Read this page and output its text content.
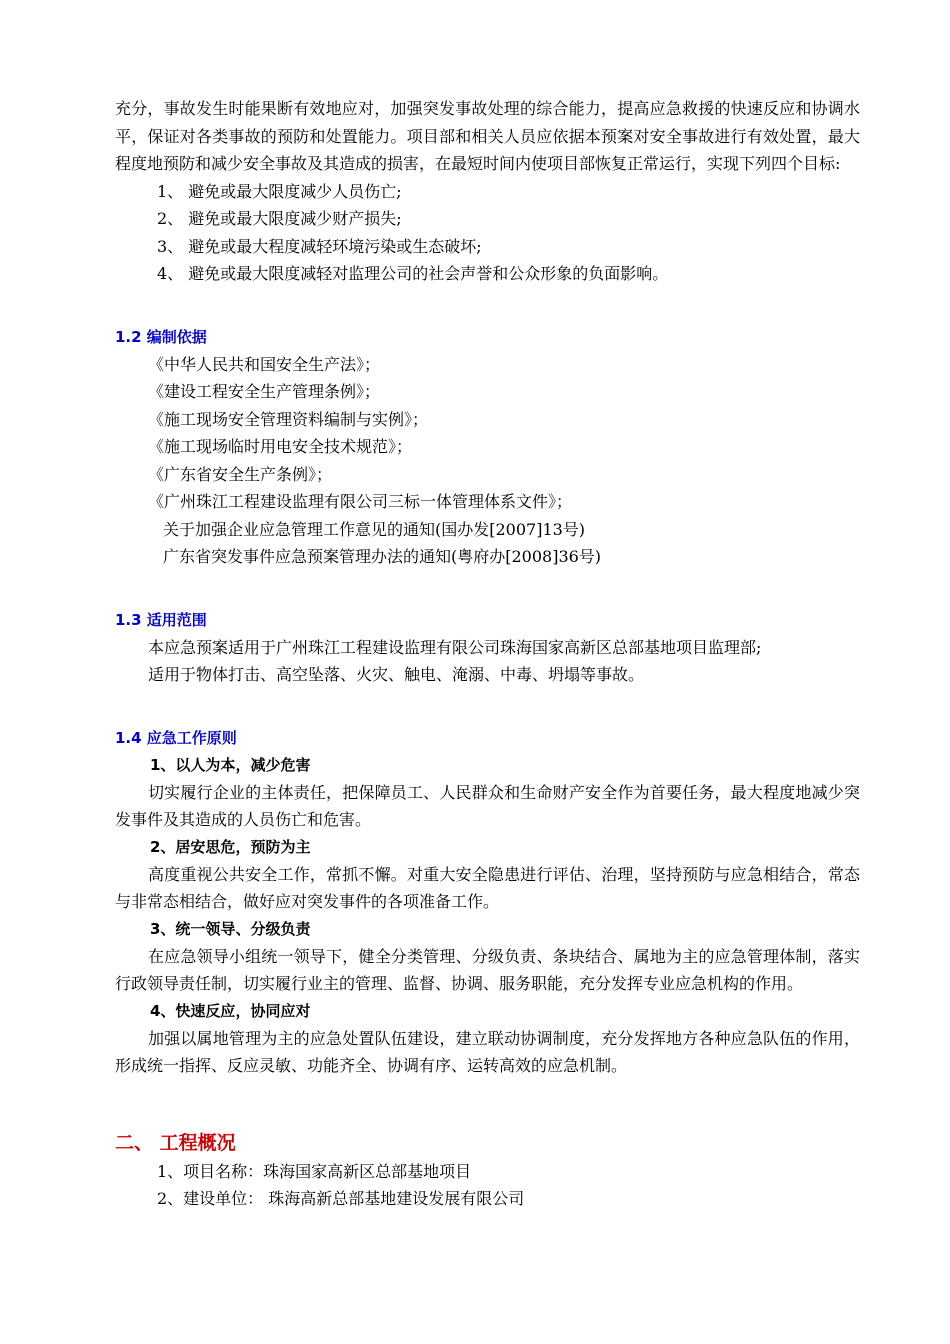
充分，事故发生时能果断有效地应对，加强突发事故处理的综合能力，提高应急救援的快速反应和协调水平，保证对各类事故的预防和处置能力。项目部和相关人员应依据本预案对安全事故进行有效处置，最大程度地预防和减少安全事故及其造成的损害，在最短时间内使项目部恢复正常运行，实现下列四个目标:

1、 避免或最大限度减少人员伤亡;

2、 避免或最大限度减少财产损失;

3、 避免或最大程度减轻环境污染或生态破坏;

4、 避免或最大限度减轻对监理公司的社会声誉和公众形象的负面影响。

1.2 编制依据

《中华人民共和国安全生产法》；

《建设工程安全生产管理条例》；

《施工现场安全管理资料编制与实例》；

《施工现场临时用电安全技术规范》；

《广东省安全生产条例》；

《广州珠江工程建设监理有限公司三标一体管理体系文件》；

关于加强企业应急管理工作意见的通知(国办发[2007]13号)

广东省突发事件应急预案管理办法的通知(粤府办[2008]36号)

1.3 适用范围

本应急预案适用于广州珠江工程建设监理有限公司珠海国家高新区总部基地项目监理部;

适用于物体打击、高空坠落、火灾、触电、淹溺、中毒、坍塌等事故。

1.4 应急工作原则

1、以人为本，减少危害

切实履行企业的主体责任，把保障员工、人民群众和生命财产安全作为首要任务，最大程度地减少突发事件及其造成的人员伤亡和危害。

2、居安思危，预防为主

高度重视公共安全工作，常抓不懈。对重大安全隐患进行评估、治理，坚持预防与应急相结合，常态与非常态相结合，做好应对突发事件的各项准备工作。

3、统一领导、分级负责

在应急领导小组统一领导下，健全分类管理、分级负责、条块结合、属地为主的应急管理体制，落实行政领导责任制，切实履行业主的管理、监督、协调、服务职能，充分发挥专业应急机构的作用。

4、快速反应，协同应对

加强以属地管理为主的应急处置队伍建设，建立联动协调制度，充分发挥地方各种应急队伍的作用，形成统一指挥、反应灵敏、功能齐全、协调有序、运转高效的应急机制。

二、 工程概况

1、项目名称：珠海国家高新区总部基地项目

2、建设单位： 珠海高新总部基地建设发展有限公司
